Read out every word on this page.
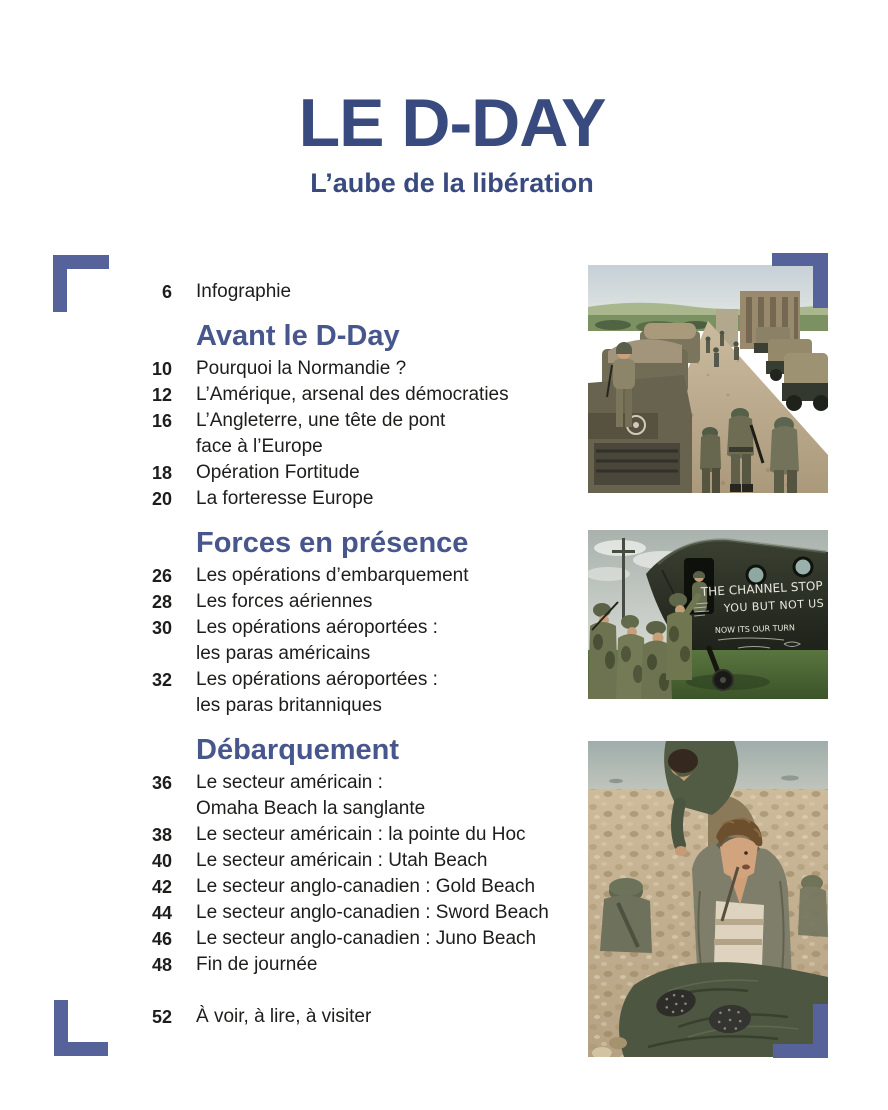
LE D-DAY
L’aube de la libération
6 Infographie
Avant le D-Day
10 Pourquoi la Normandie ?
12 L’Amérique, arsenal des démocraties
16 L’Angleterre, une tête de pont
face à l’Europe
18 Opération Fortitude
20 La forteresse Europe
Forces en présence
26 Les opérations d’embarquement
28 Les forces aériennes
30 Les opérations aéroportées :
les paras américains
32 Les opérations aéroportées :
les paras britanniques
Débarquement
36 Le secteur américain :
Omaha Beach la sanglante
38 Le secteur américain : la pointe du Hoc
40 Le secteur américain : Utah Beach
42 Le secteur anglo-canadien : Gold Beach
44 Le secteur anglo-canadien : Sword Beach
46 Le secteur anglo-canadien : Juno Beach
48 Fin de journée
52 À voir, à lire, à visiter
THE CHANNEL STOP
YOU BUT NOT US
NOW ITS OUR TURN
